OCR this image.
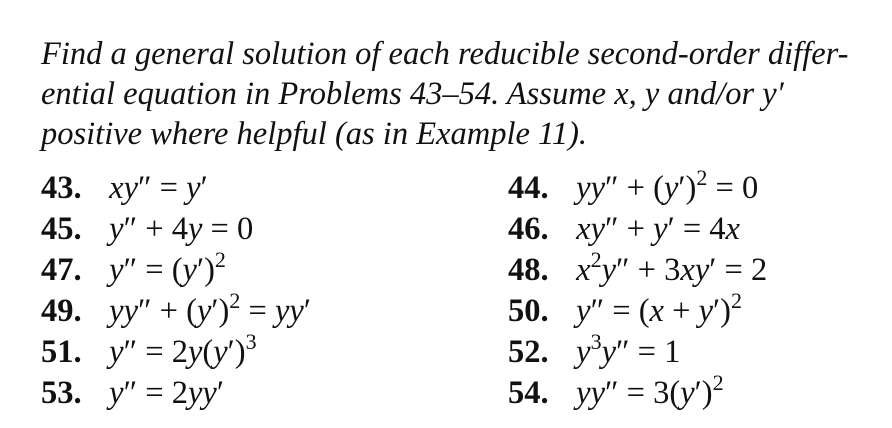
Find a general solution of each reducible second-order differ-
ential equation in Problems 43–54. Assume x, y and/or y′
positive where helpful (as in Example 11).
43. xy″ = y′
45. y″ + 4y = 0
47. $y'' = (y')^2$
49. $yy'' + (y')^2 = yy'$
51. $y'' = 2y(y')^3$
53. y″ = 2yy′
44. $yy'' + (y')^2 = 0$
46. xy″ + y′ = 4x
48. $x^2y'' + 3xy' = 2$
50. $y'' = (x + y')^2$
52. $y^3y'' = 1$
54. $yy'' = 3(y')^2$
